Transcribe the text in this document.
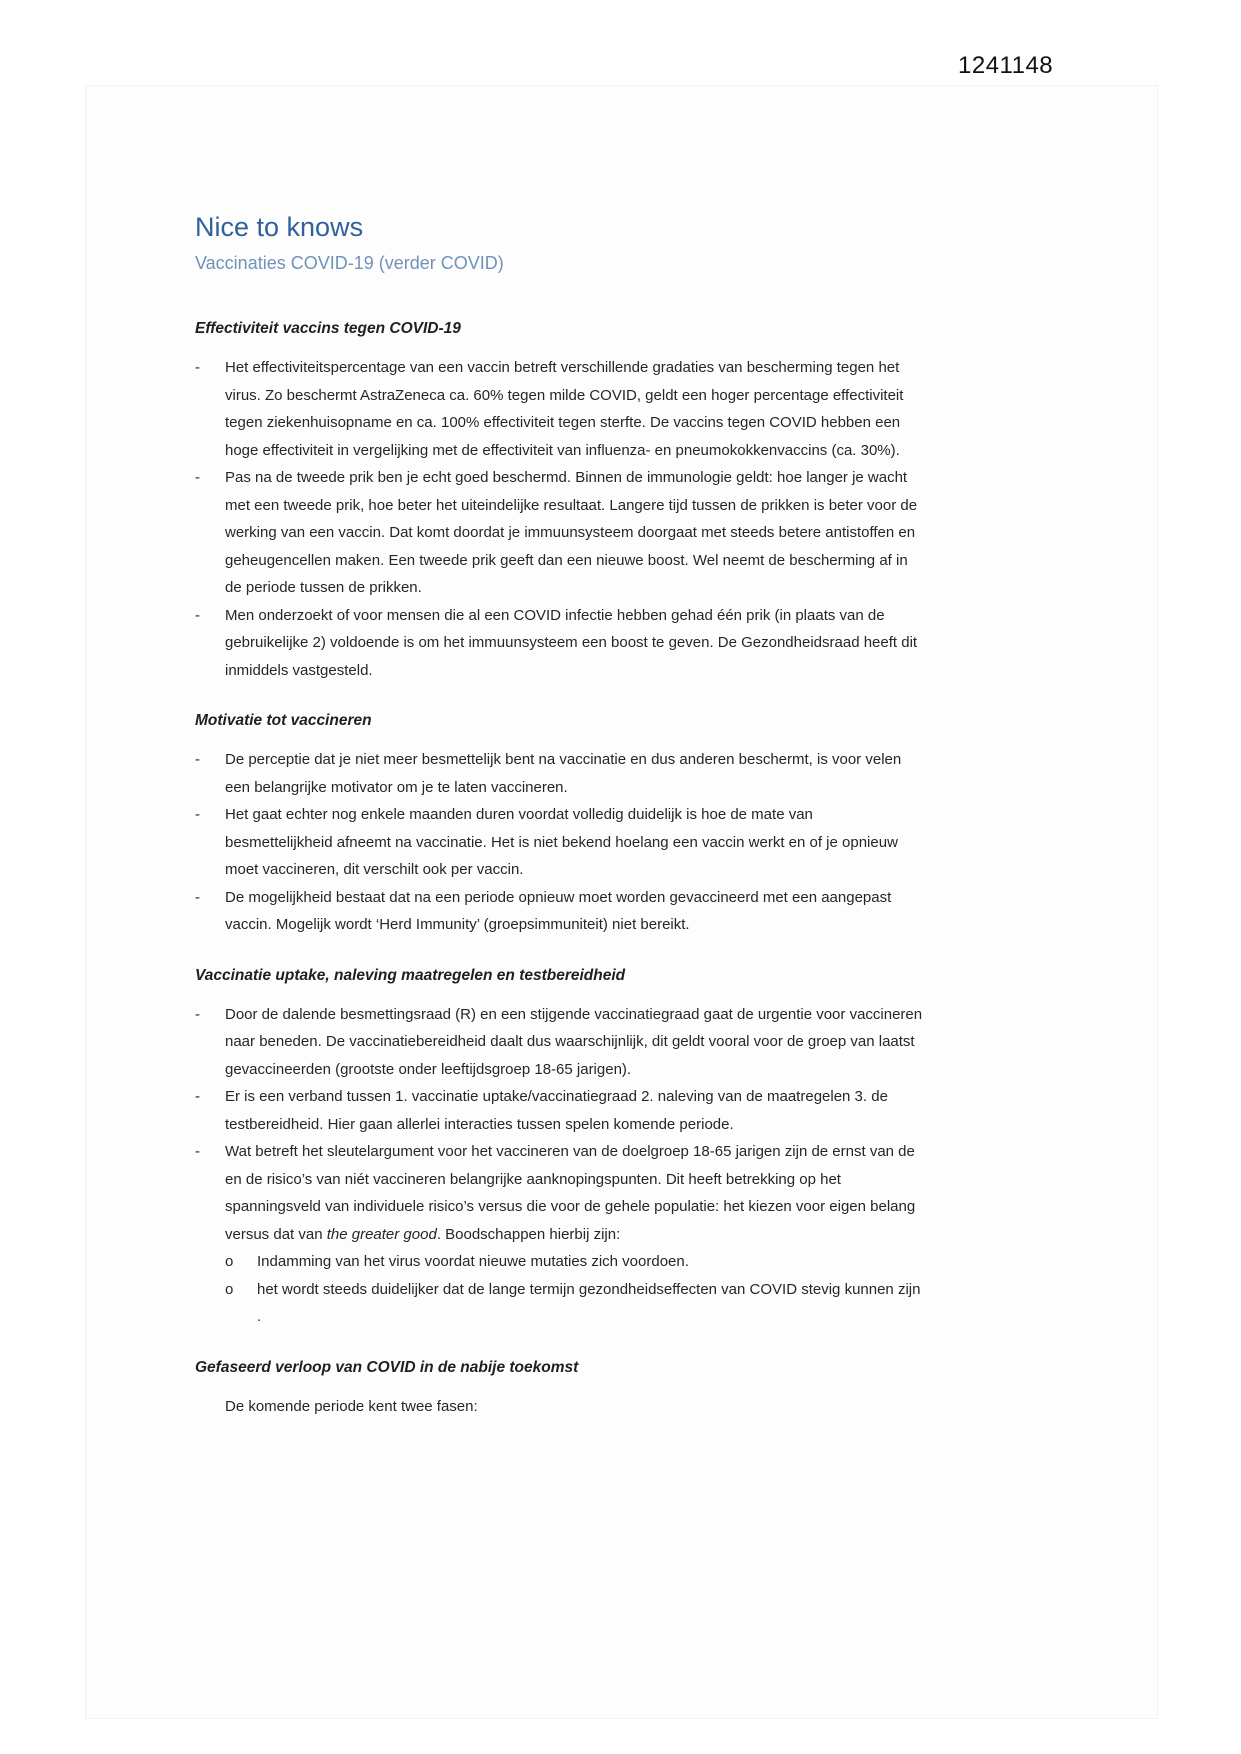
1241148
Nice to knows
Vaccinaties COVID-19 (verder COVID)
Effectiviteit vaccins tegen COVID-19
-	Het effectiviteitspercentage van een vaccin betreft verschillende gradaties van bescherming tegen het virus. Zo beschermt AstraZeneca ca. 60% tegen milde COVID, geldt een hoger percentage effectiviteit tegen ziekenhuisopname en ca. 100% effectiviteit tegen sterfte. De vaccins tegen COVID hebben een hoge effectiviteit in vergelijking met de effectiviteit van influenza- en pneumokokkenvaccins (ca. 30%).
-	Pas na de tweede prik ben je echt goed beschermd. Binnen de immunologie geldt: hoe langer je wacht met een tweede prik, hoe beter het uiteindelijke resultaat. Langere tijd tussen de prikken is beter voor de werking van een vaccin. Dat komt doordat je immuunsysteem doorgaat met steeds betere antistoffen en geheugencellen maken. Een tweede prik geeft dan een nieuwe boost. Wel neemt de bescherming af in de periode tussen de prikken.
-	Men onderzoekt of voor mensen die al een COVID infectie hebben gehad één prik (in plaats van de gebruikelijke 2) voldoende is om het immuunsysteem een boost te geven. De Gezondheidsraad heeft dit inmiddels vastgesteld.
Motivatie tot vaccineren
-	De perceptie dat je niet meer besmettelijk bent na vaccinatie en dus anderen beschermt, is voor velen een belangrijke motivator om je te laten vaccineren.
-	Het gaat echter nog enkele maanden duren voordat volledig duidelijk is hoe de mate van besmettelijkheid afneemt na vaccinatie. Het is niet bekend hoelang een vaccin werkt en of je opnieuw moet vaccineren, dit verschilt ook per vaccin.
-	De mogelijkheid bestaat dat na een periode opnieuw moet worden gevaccineerd met een aangepast vaccin. Mogelijk wordt ‘Herd Immunity’ (groepsimmuniteit) niet bereikt.
Vaccinatie uptake, naleving maatregelen en testbereidheid
-	Door de dalende besmettingsraad (R) en een stijgende vaccinatiegraad gaat de urgentie voor vaccineren naar beneden. De vaccinatiebereidheid daalt dus waarschijnlijk, dit geldt vooral voor de groep van laatst gevaccineerden (grootste onder leeftijdsgroep 18-65 jarigen).
-	Er is een verband tussen 1. vaccinatie uptake/vaccinatiegraad 2. naleving van de maatregelen 3. de testbereidheid. Hier gaan allerlei interacties tussen spelen komende periode.
-	Wat betreft het sleutelargument voor het vaccineren van de doelgroep 18-65 jarigen zijn de ernst van de en de risico’s van niét vaccineren belangrijke aanknopingspunten. Dit heeft betrekking op het spanningsveld van individuele risico’s versus die voor de gehele populatie: het kiezen voor eigen belang versus dat van the greater good. Boodschappen hierbij zijn:
o	Indamming van het virus voordat nieuwe mutaties zich voordoen.
o	het wordt steeds duidelijker dat de lange termijn gezondheidseffecten van COVID stevig kunnen zijn .
Gefaseerd verloop van COVID in de nabije toekomst

De komende periode kent twee fasen:
